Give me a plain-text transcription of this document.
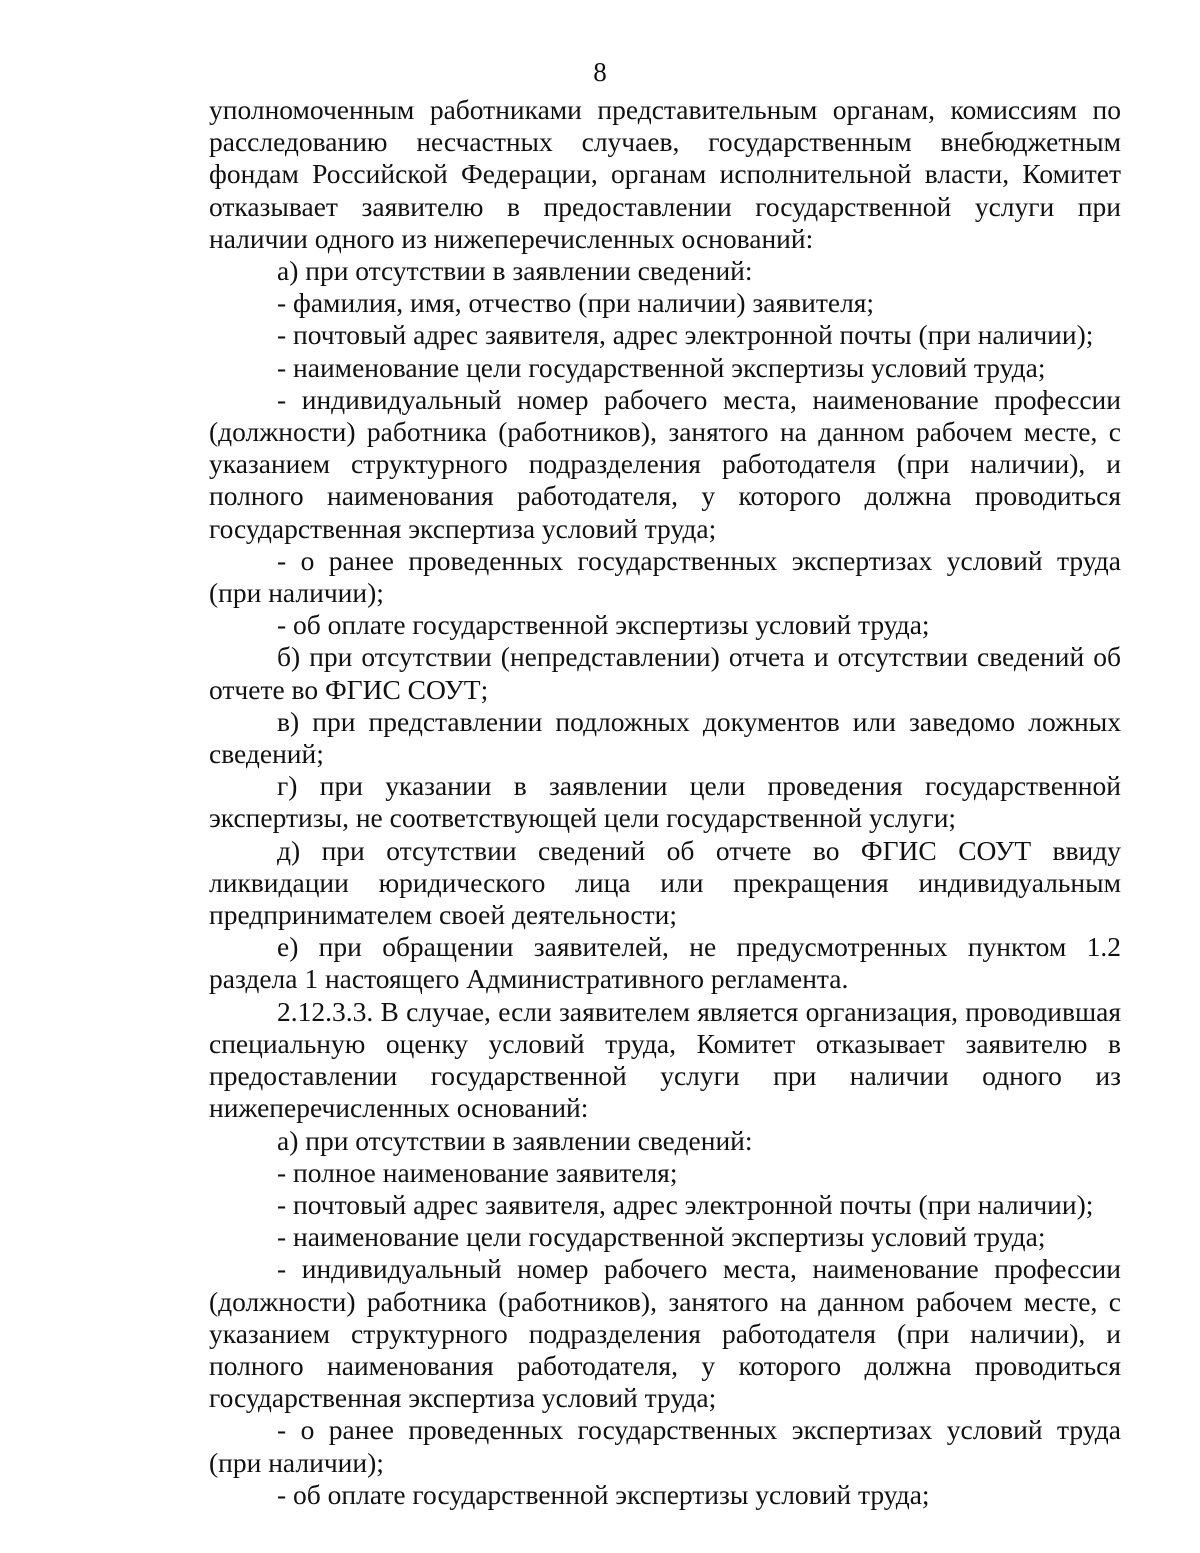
8

уполномоченным работниками представительным органам, комиссиям по расследованию несчастных случаев, государственным внебюджетным фондам Российской Федерации, органам исполнительной власти, Комитет отказывает заявителю в предоставлении государственной услуги при наличии одного из нижеперечисленных оснований:

а) при отсутствии в заявлении сведений:

- фамилия, имя, отчество (при наличии) заявителя;

- почтовый адрес заявителя, адрес электронной почты (при наличии);

- наименование цели государственной экспертизы условий труда;

- индивидуальный номер рабочего места, наименование профессии (должности) работника (работников), занятого на данном рабочем месте, с указанием структурного подразделения работодателя (при наличии), и полного наименования работодателя, у которого должна проводиться государственная экспертиза условий труда;

- о ранее проведенных государственных экспертизах условий труда (при наличии);

- об оплате государственной экспертизы условий труда;

б) при отсутствии (непредставлении) отчета и отсутствии сведений об отчете во ФГИС СОУТ;

в) при представлении подложных документов или заведомо ложных сведений;

г) при указании в заявлении цели проведения государственной экспертизы, не соответствующей цели государственной услуги;

д) при отсутствии сведений об отчете во ФГИС СОУТ ввиду ликвидации юридического лица или прекращения индивидуальным предпринимателем своей деятельности;

е) при обращении заявителей, не предусмотренных пунктом 1.2 раздела 1 настоящего Административного регламента.

2.12.3.3. В случае, если заявителем является организация, проводившая специальную оценку условий труда, Комитет отказывает заявителю в предоставлении государственной услуги при наличии одного из нижеперечисленных оснований:

а) при отсутствии в заявлении сведений:

- полное наименование заявителя;

- почтовый адрес заявителя, адрес электронной почты (при наличии);

- наименование цели государственной экспертизы условий труда;

- индивидуальный номер рабочего места, наименование профессии (должности) работника (работников), занятого на данном рабочем месте, с указанием структурного подразделения работодателя (при наличии), и полного наименования работодателя, у которого должна проводиться государственная экспертиза условий труда;

- о ранее проведенных государственных экспертизах условий труда (при наличии);

- об оплате государственной экспертизы условий труда;
